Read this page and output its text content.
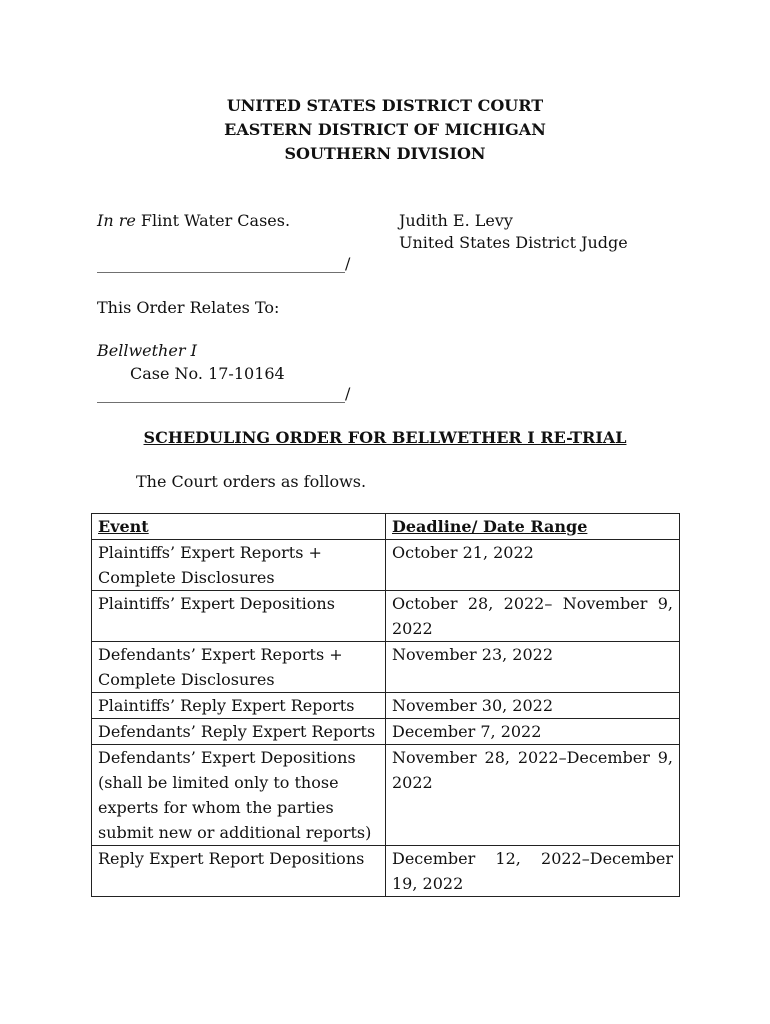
UNITED STATES DISTRICT COURT
EASTERN DISTRICT OF MICHIGAN
SOUTHERN DIVISION
In re Flint Water Cases.	Judith E. Levy
United States District Judge
_______________________________/
This Order Relates To:
Bellwether I
Case No. 17-10164
_______________________________/
SCHEDULING ORDER FOR BELLWETHER I RE-TRIAL
The Court orders as follows.
Event	Deadline/ Date Range
Plaintiffs’ Expert Reports + Complete Disclosures	October 21, 2022
Plaintiffs’ Expert Depositions	October 28, 2022– November 9, 2022
Defendants’ Expert Reports + Complete Disclosures	November 23, 2022
Plaintiffs’ Reply Expert Reports	November 30, 2022
Defendants’ Reply Expert Reports	December 7, 2022
Defendants’ Expert Depositions (shall be limited only to those experts for whom the parties submit new or additional reports)	November 28, 2022–December 9, 2022
Reply Expert Report Depositions	December 12, 2022–December 19, 2022
